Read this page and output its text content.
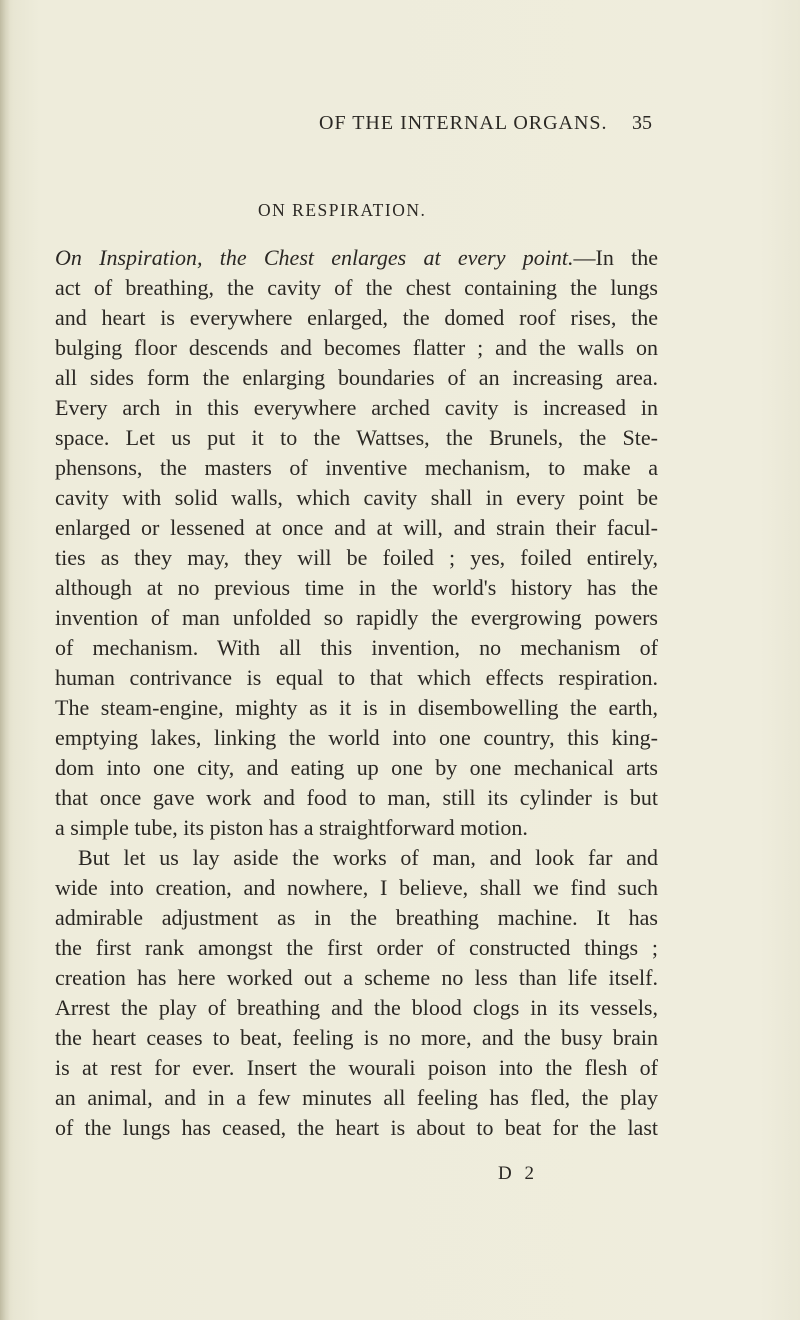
OF THE INTERNAL ORGANS. 35
ON RESPIRATION.
On Inspiration, the Chest enlarges at every point.—In the
act of breathing, the cavity of the chest containing the lungs
and heart is everywhere enlarged, the domed roof rises, the
bulging floor descends and becomes flatter ; and the walls on
all sides form the enlarging boundaries of an increasing area.
Every arch in this everywhere arched cavity is increased in
space. Let us put it to the Wattses, the Brunels, the Ste-
phensons, the masters of inventive mechanism, to make a
cavity with solid walls, which cavity shall in every point be
enlarged or lessened at once and at will, and strain their facul-
ties as they may, they will be foiled ; yes, foiled entirely,
although at no previous time in the world's history has the
invention of man unfolded so rapidly the evergrowing powers
of mechanism. With all this invention, no mechanism of
human contrivance is equal to that which effects respiration.
The steam-engine, mighty as it is in disembowelling the earth,
emptying lakes, linking the world into one country, this king-
dom into one city, and eating up one by one mechanical arts
that once gave work and food to man, still its cylinder is but
a simple tube, its piston has a straightforward motion.
But let us lay aside the works of man, and look far and
wide into creation, and nowhere, I believe, shall we find such
admirable adjustment as in the breathing machine. It has
the first rank amongst the first order of constructed things ;
creation has here worked out a scheme no less than life itself.
Arrest the play of breathing and the blood clogs in its vessels,
the heart ceases to beat, feeling is no more, and the busy brain
is at rest for ever. Insert the wourali poison into the flesh of
an animal, and in a few minutes all feeling has fled, the play
of the lungs has ceased, the heart is about to beat for the last
D 2
